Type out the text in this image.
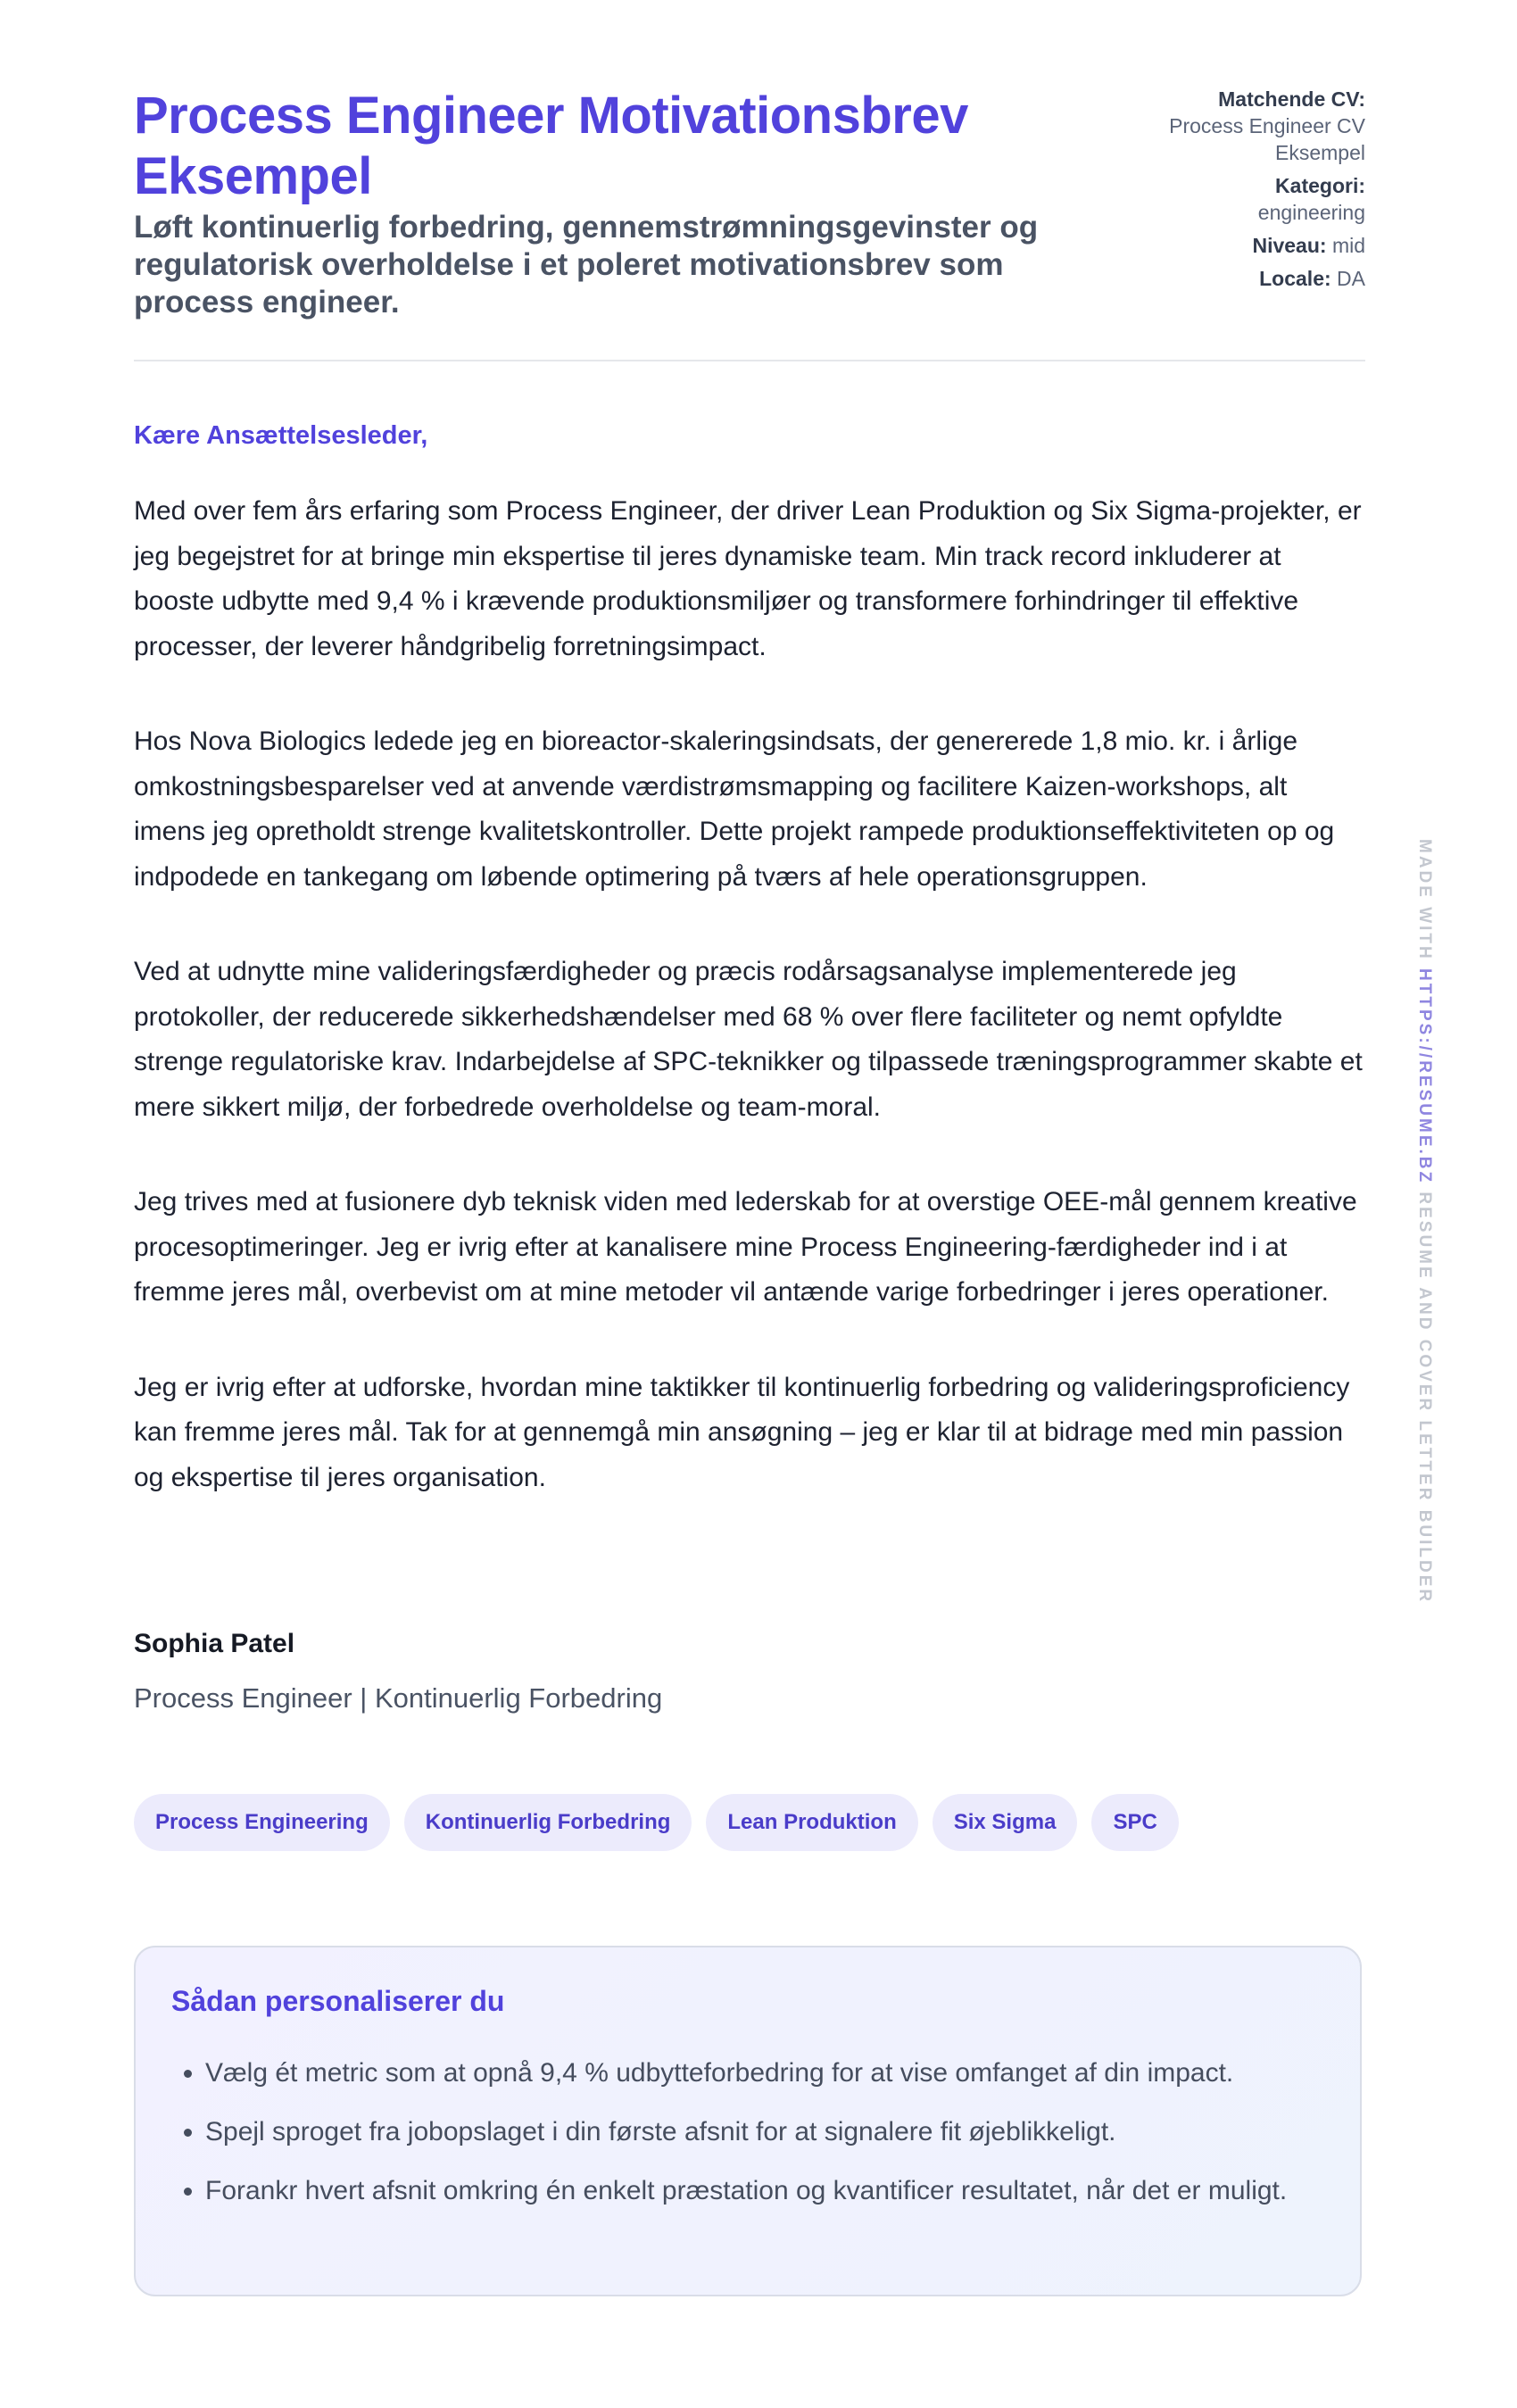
Process Engineer Motivationsbrev Eksempel

Løft kontinuerlig forbedring, gennemstrømningsgevinster og regulatorisk overholdelse i et poleret motivationsbrev som process engineer.

Matchende CV:
Process Engineer CV Eksempel
Kategori:
engineering
Niveau: mid
Locale: DA
Kære Ansættelsesleder,

Med over fem års erfaring som Process Engineer, der driver Lean Produktion og Six Sigma-projekter, er jeg begejstret for at bringe min ekspertise til jeres dynamiske team. Min track record inkluderer at booste udbytte med 9,4 % i krævende produktionsmiljøer og transformere forhindringer til effektive processer, der leverer håndgribelig forretningsimpact.

Hos Nova Biologics ledede jeg en bioreactor-skaleringsindsats, der genererede 1,8 mio. kr. i årlige omkostningsbesparelser ved at anvende værdistrømsmapping og facilitere Kaizen-workshops, alt imens jeg opretholdt strenge kvalitetskontroller. Dette projekt rampede produktionseffektiviteten op og indpodede en tankegang om løbende optimering på tværs af hele operationsgruppen.

Ved at udnytte mine valideringsfærdigheder og præcis rodårsagsanalyse implementerede jeg protokoller, der reducerede sikkerhedshændelser med 68 % over flere faciliteter og nemt opfyldte strenge regulatoriske krav. Indarbejdelse af SPC-teknikker og tilpassede træningsprogrammer skabte et mere sikkert miljø, der forbedrede overholdelse og team-moral.

Jeg trives med at fusionere dyb teknisk viden med lederskab for at overstige OEE-mål gennem kreative procesoptimeringer. Jeg er ivrig efter at kanalisere mine Process Engineering-færdigheder ind i at fremme jeres mål, overbevist om at mine metoder vil antænde varige forbedringer i jeres operationer.

Jeg er ivrig efter at udforske, hvordan mine taktikker til kontinuerlig forbedring og valideringsproficiency kan fremme jeres mål. Tak for at gennemgå min ansøgning – jeg er klar til at bidrage med min passion og ekspertise til jeres organisation.

Sophia Patel
Process Engineer | Kontinuerlig Forbedring
Process Engineering	Kontinuerlig Forbedring	Lean Produktion	Six Sigma	SPC
Sådan personaliserer du
• Vælg ét metric som at opnå 9,4 % udbytteforbedring for at vise omfanget af din impact.
• Spejl sproget fra jobopslaget i din første afsnit for at signalere fit øjeblikkeligt.
• Forankr hvert afsnit omkring én enkelt præstation og kvantificer resultatet, når det er muligt.
MADE WITH HTTPS://RESUME.BZ RESUME AND COVER LETTER BUILDER
